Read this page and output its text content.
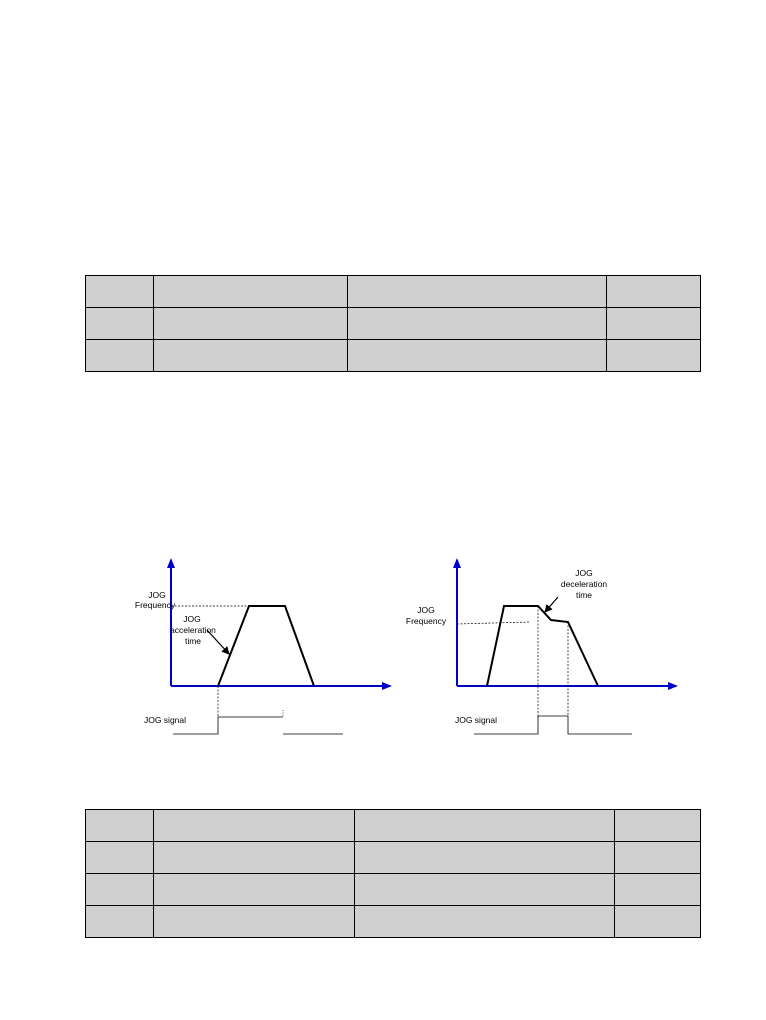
JOG
Frequency
JOG
acceleration
time
JOG signal
JOG
deceleration
time
JOG
Frequency
JOG signal
